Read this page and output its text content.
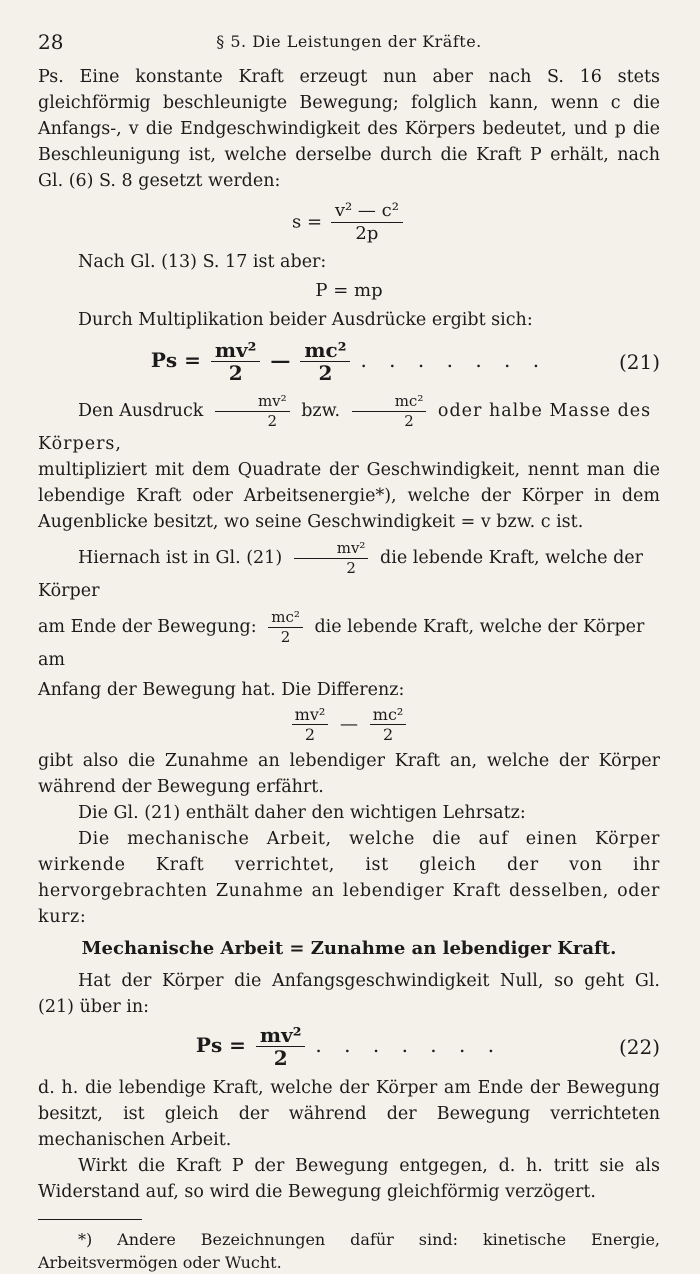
28	§ 5. Die Leistungen der Kräfte.

Ps. Eine konstante Kraft erzeugt nun aber nach S. 16 stets gleichförmig beschleunigte Bewegung; folglich kann, wenn c die Anfangs-, v die Endgeschwindigkeit des Körpers bedeutet, und p die Beschleunigung ist, welche derselbe durch die Kraft P erhält, nach Gl. (6) S. 8 gesetzt werden:

$s = \frac{\text{v² — c²}}{2p}$

Nach Gl. (13) S. 17 ist aber:

P = mp

Durch Multiplikation beider Ausdrücke ergibt sich:

$Ps = \frac{\text{mv²}}{2}$ — $\frac{\text{mc²}}{2}$ . . . . . . .	(21)
Den Ausdruck $\frac{\text{mv²}}{2}$ bzw. $\frac{\text{mc²}}{2}$ oder halbe Masse des Körpers,

multipliziert mit dem Quadrate der Geschwindigkeit, nennt man die lebendige Kraft oder Arbeitsenergie*), welche der Körper in dem Augenblicke besitzt, wo seine Geschwindigkeit = v bzw. c ist.

Hiernach ist in Gl. $(21) \frac{\text{mv²}}{2}$ die lebende Kraft, welche der Körper
am Ende der Bewegung: $\frac{\text{mc²}}{2}$ die lebende Kraft, welche der Körper am
Anfang der Bewegung hat. Die Differenz:
$\frac{\text{mv²}}{2}$ — $\frac{\text{mc²}}{2}$

gibt also die Zunahme an lebendiger Kraft an, welche der Körper während der Bewegung erfährt.

Die Gl. (21) enthält daher den wichtigen Lehrsatz:

Die mechanische Arbeit, welche die auf einen Körper wirkende Kraft verrichtet, ist gleich der von ihr hervorgebrachten Zunahme an lebendiger Kraft desselben, oder kurz:

Mechanische Arbeit = Zunahme an lebendiger Kraft.

Hat der Körper die Anfangsgeschwindigkeit Null, so geht Gl. (21) über in:

$Ps = \frac{\text{mv²}}{2}$ . . . . . . .	(22)

d. h. die lebendige Kraft, welche der Körper am Ende der Bewegung besitzt, ist gleich der während der Bewegung verrichteten mechanischen Arbeit.

Wirkt die Kraft P der Bewegung entgegen, d. h. tritt sie als Widerstand auf, so wird die Bewegung gleichförmig verzögert.

*) Andere Bezeichnungen dafür sind: kinetische Energie, Arbeitsvermögen oder Wucht.
